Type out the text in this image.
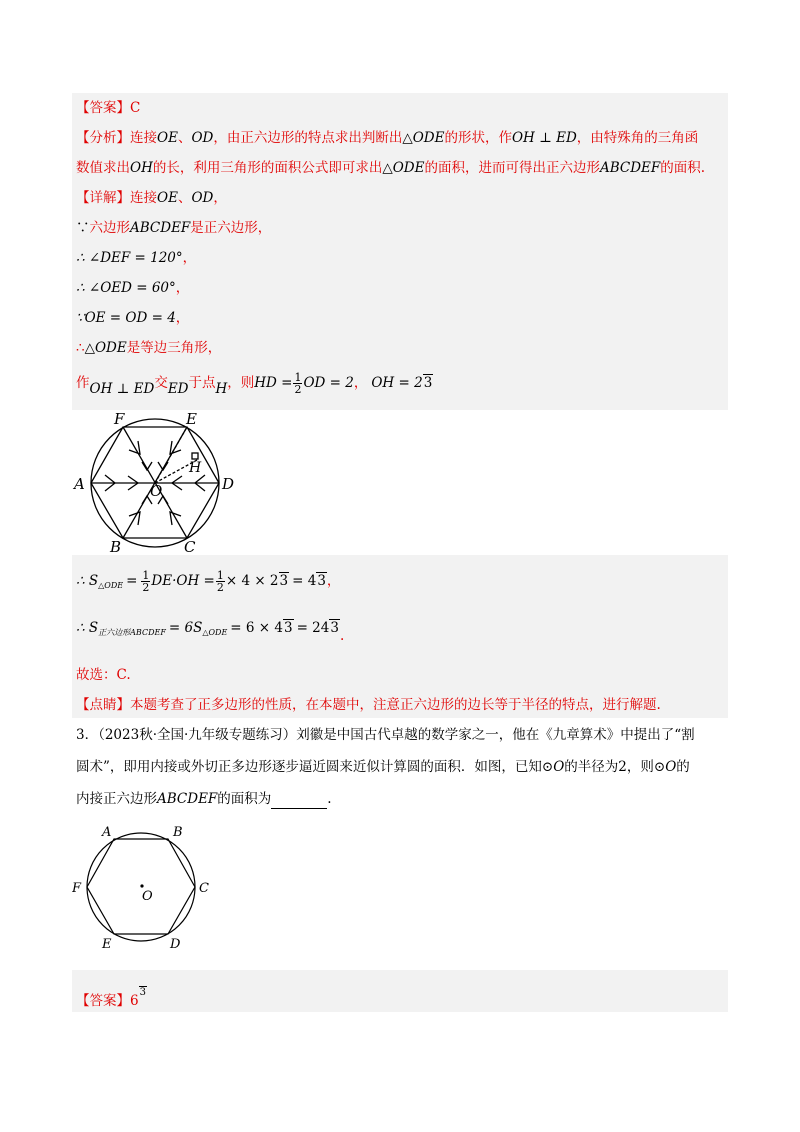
【答案】C
【分析】连接OE、OD，由正六边形的特点求出判断出△ODE的形状，作OH ⊥ ED，由特殊角的三角函
数值求出OH的长，利用三角形的面积公式即可求出△ODE的面积，进而可得出正六边形ABCDEF的面积.
【详解】连接OE、OD，
∵六边形ABCDEF是正六边形，
∴ ∠DEF = 120°，
∴ ∠OED = 60°，
∵OE = OD = 4，
∴△ODE是等边三角形，
作OH ⊥ ED交ED于点H，则HD = $\frac{1}{2}$ OD = 2， OH = 23
F	E
A	D
B	C
O
H
∴ $S_{\triangle ODE} = \frac{1}{2} DE\cdot OH = \frac{1}{2} \times 4 \times 23 = 43$，
∴ $S_{正六边形ABCDEF} = 6S_{\triangle ODE} = 6 \times 43 = 243$.
故选：C.
【点睛】本题考查了正多边形的性质，在本题中，注意正六边形的边长等于半径的特点，进行解题.
3．（2023秋·全国·九年级专题练习）刘徽是中国古代卓越的数学家之一，他在《九章算术》中提出了“割
圆术”，即用内接或外切正多边形逐步逼近圆来近似计算圆的面积．如图，已知⊙O的半径为2，则⊙O的
内接正六边形ABCDEF的面积为	.
A	B
F	C
E	D
O
【答案】$6^3$
